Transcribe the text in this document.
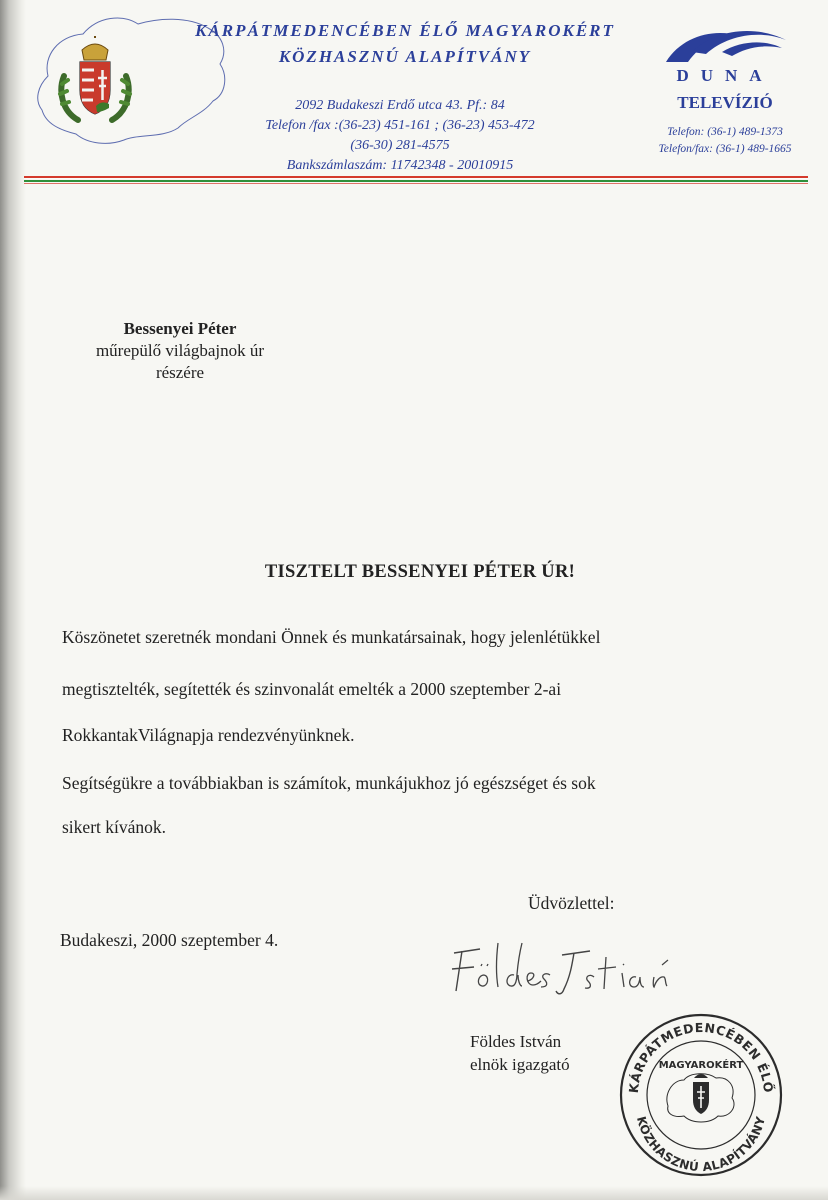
KÁRPÁTMEDENCÉBEN ÉLŐ MAGYAROKÉRT
KÖZHASZNÚ ALAPÍTVÁNY
2092 Budakeszi Erdő utca 43. Pf.: 84
Telefon /fax :(36-23) 451-161 ; (36-23) 453-472
(36-30) 281-4575
Bankszámlaszám: 11742348 - 20010915
DUNA
TELEVÍZIÓ
Telefon: (36-1) 489-1373
Telefon/fax: (36-1) 489-1665
Bessenyei Péter
műrepülő világbajnok úr
részére
TISZTELT BESSENYEI PÉTER ÚR!
Köszönetet szeretnék mondani Önnek és munkatársainak, hogy jelenlétükkel
megtisztelték, segítették és szinvonalát emelték a 2000 szeptember 2-ai
RokkantakVilágnapja rendezvényünknek.
Segítségükre a továbbiakban is számítok, munkájukhoz jó egészséget és sok
sikert kívánok.
Üdvözlettel:
Budakeszi, 2000 szeptember 4.
Földes István
elnök igazgató
KÁRPÁTMEDENCÉBEN ÉLŐ
KÖZHASZNÚ ALAPÍTVÁNY
MAGYAROKÉRT
